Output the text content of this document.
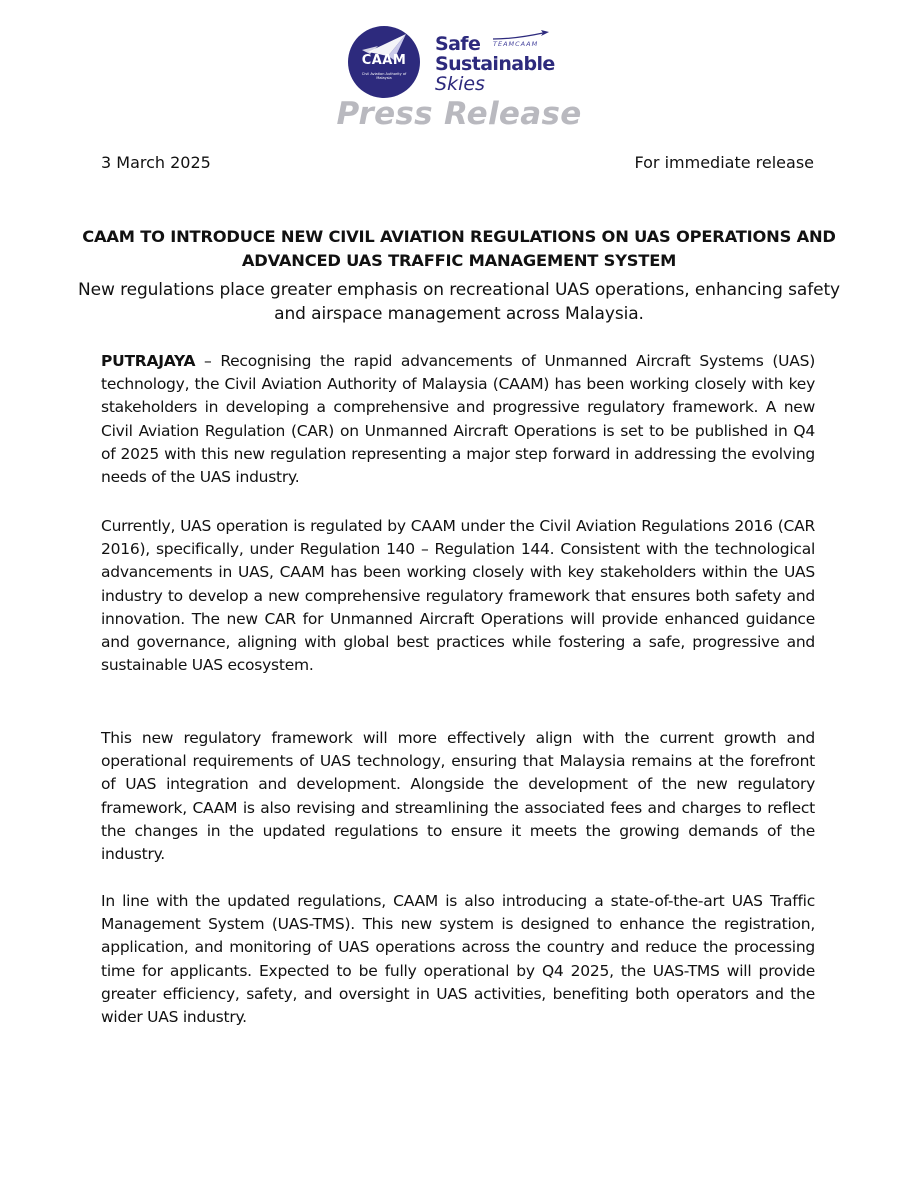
CAAM
Civil Aviation Authority of Malaysia
TEAMCAAM
Safe
Sustainable
Skies
Press Release
3 March 2025	For immediate release
CAAM TO INTRODUCE NEW CIVIL AVIATION REGULATIONS ON UAS OPERATIONS AND ADVANCED UAS TRAFFIC MANAGEMENT SYSTEM
New regulations place greater emphasis on recreational UAS operations, enhancing safety and airspace management across Malaysia.
PUTRAJAYA – Recognising the rapid advancements of Unmanned Aircraft Systems (UAS) technology, the Civil Aviation Authority of Malaysia (CAAM) has been working closely with key stakeholders in developing a comprehensive and progressive regulatory framework. A new Civil Aviation Regulation (CAR) on Unmanned Aircraft Operations is set to be published in Q4 of 2025 with this new regulation representing a major step forward in addressing the evolving needs of the UAS industry.
Currently, UAS operation is regulated by CAAM under the Civil Aviation Regulations 2016 (CAR 2016), specifically, under Regulation 140 – Regulation 144. Consistent with the technological advancements in UAS, CAAM has been working closely with key stakeholders within the UAS industry to develop a new comprehensive regulatory framework that ensures both safety and innovation. The new CAR for Unmanned Aircraft Operations will provide enhanced guidance and governance, aligning with global best practices while fostering a safe, progressive and sustainable UAS ecosystem.
This new regulatory framework will more effectively align with the current growth and operational requirements of UAS technology, ensuring that Malaysia remains at the forefront of UAS integration and development. Alongside the development of the new regulatory framework, CAAM is also revising and streamlining the associated fees and charges to reflect the changes in the updated regulations to ensure it meets the growing demands of the industry.
In line with the updated regulations, CAAM is also introducing a state-of-the-art UAS Traffic Management System (UAS-TMS). This new system is designed to enhance the registration, application, and monitoring of UAS operations across the country and reduce the processing time for applicants. Expected to be fully operational by Q4 2025, the UAS-TMS will provide greater efficiency, safety, and oversight in UAS activities, benefiting both operators and the wider UAS industry.
